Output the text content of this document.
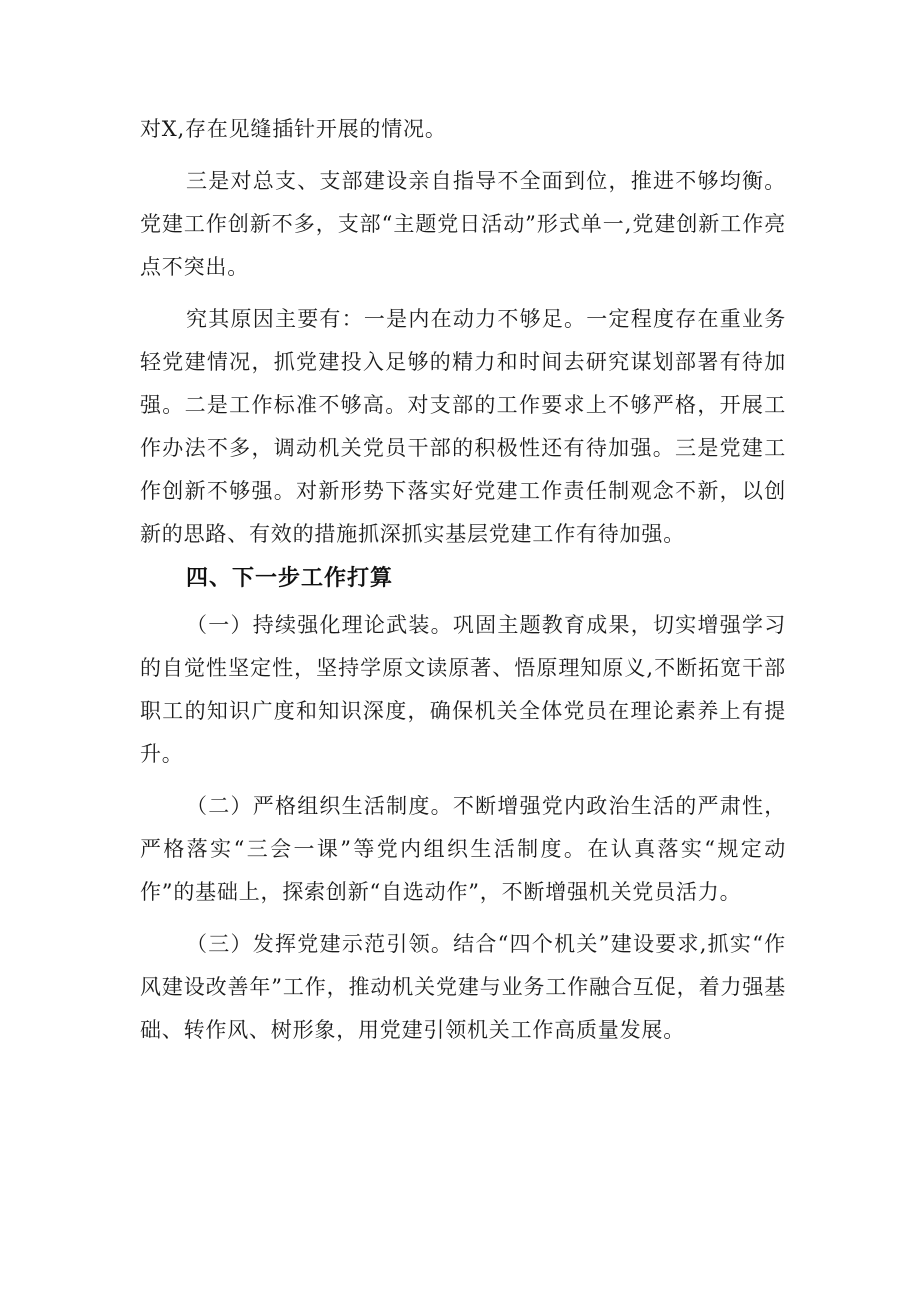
对X,存在见缝插针开展的情况。

三是对总支、支部建设亲自指导不全面到位，推进不够均衡。党建工作创新不多，支部“主题党日活动”形式单一,党建创新工作亮点不突出。

究其原因主要有：一是内在动力不够足。一定程度存在重业务轻党建情况，抓党建投入足够的精力和时间去研究谋划部署有待加强。二是工作标准不够高。对支部的工作要求上不够严格，开展工作办法不多，调动机关党员干部的积极性还有待加强。三是党建工作创新不够强。对新形势下落实好党建工作责任制观念不新，以创新的思路、有效的措施抓深抓实基层党建工作有待加强。

四、下一步工作打算

（一）持续强化理论武装。巩固主题教育成果，切实增强学习的自觉性坚定性，坚持学原文读原著、悟原理知原义,不断拓宽干部职工的知识广度和知识深度，确保机关全体党员在理论素养上有提升。

（二）严格组织生活制度。不断增强党内政治生活的严肃性，严格落实“三会一课”等党内组织生活制度。在认真落实“规定动作”的基础上，探索创新“自选动作”，不断增强机关党员活力。

（三）发挥党建示范引领。结合“四个机关”建设要求,抓实“作风建设改善年”工作，推动机关党建与业务工作融合互促，着力强基础、转作风、树形象，用党建引领机关工作高质量发展。
